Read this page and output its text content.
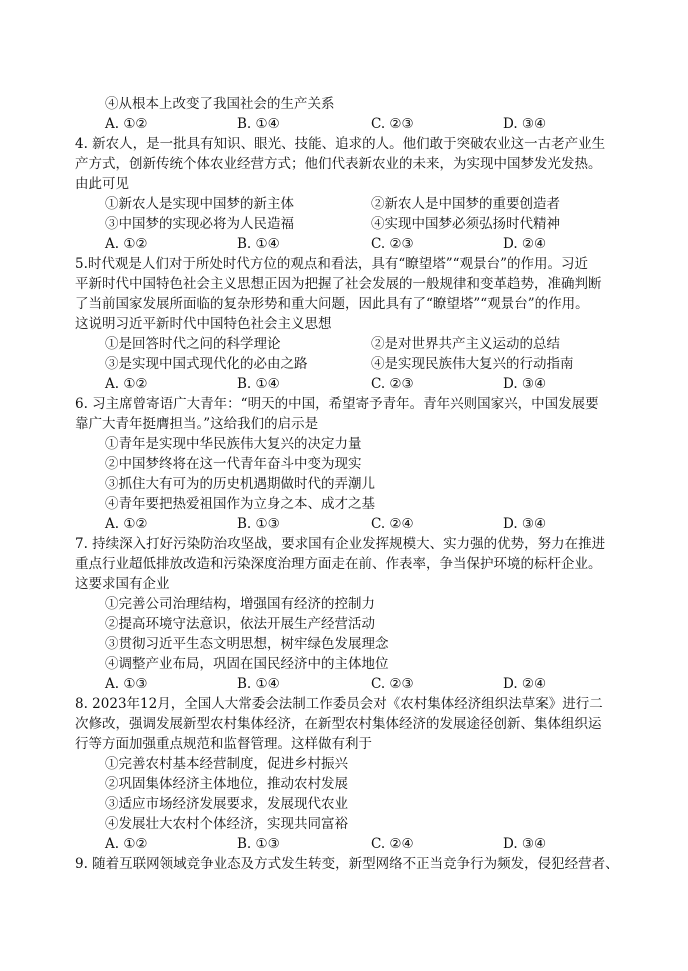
④从根本上改变了我国社会的生产关系
A. ①②	B. ①④	C. ②③	D. ③④
4. 新农人，是一批具有知识、眼光、技能、追求的人。他们敢于突破农业这一古老产业生
产方式，创新传统个体农业经营方式；他们代表新农业的未来，为实现中国梦发光发热。
由此可见
①新农人是实现中国梦的新主体	②新农人是中国梦的重要创造者
③中国梦的实现必将为人民造福	④实现中国梦必须弘扬时代精神
A. ①②	B. ①④	C. ②③	D. ②④
5.时代观是人们对于所处时代方位的观点和看法，具有“瞭望塔”“观景台”的作用。习近
平新时代中国特色社会主义思想正因为把握了社会发展的一般规律和变革趋势，准确判断
了当前国家发展所面临的复杂形势和重大问题，因此具有了“瞭望塔”“观景台”的作用。
这说明习近平新时代中国特色社会主义思想
①是回答时代之问的科学理论	②是对世界共产主义运动的总结
③是实现中国式现代化的必由之路	④是实现民族伟大复兴的行动指南
A. ①②	B. ①④	C. ②③	D. ③④
6. 习主席曾寄语广大青年：“明天的中国，希望寄予青年。青年兴则国家兴，中国发展要
靠广大青年挺膺担当。”这给我们的启示是
①青年是实现中华民族伟大复兴的决定力量
②中国梦终将在这一代青年奋斗中变为现实
③抓住大有可为的历史机遇期做时代的弄潮儿
④青年要把热爱祖国作为立身之本、成才之基
A. ①②	B. ①③	C. ②④	D. ③④
7. 持续深入打好污染防治攻坚战，要求国有企业发挥规模大、实力强的优势，努力在推进
重点行业超低排放改造和污染深度治理方面走在前、作表率，争当保护环境的标杆企业。
这要求国有企业
①完善公司治理结构，增强国有经济的控制力
②提高环境守法意识，依法开展生产经营活动
③贯彻习近平生态文明思想，树牢绿色发展理念
④调整产业布局，巩固在国民经济中的主体地位
A. ①③	B. ①④	C. ②③	D. ②④
8. 2023年12月，全国人大常委会法制工作委员会对《农村集体经济组织法草案》进行二
次修改，强调发展新型农村集体经济，在新型农村集体经济的发展途径创新、集体组织运
行等方面加强重点规范和监督管理。这样做有利于
①完善农村基本经营制度，促进乡村振兴
②巩固集体经济主体地位，推动农村发展
③适应市场经济发展要求，发展现代农业
④发展壮大农村个体经济，实现共同富裕
A. ①②	B. ①③	C. ②④	D. ③④
9. 随着互联网领域竞争业态及方式发生转变，新型网络不正当竞争行为频发，侵犯经营者、
